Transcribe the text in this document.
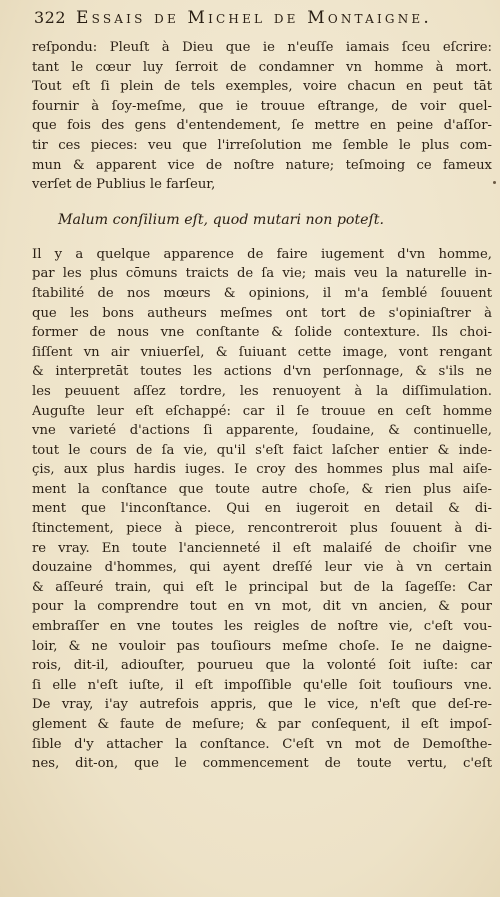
322 Essais de Michel de Montaigne.
reſpondu: Pleuſt à Dieu que ie n'euſſe iamais ſceu eſcrire:
tant le cœur luy ſerroit de condamner vn homme à mort.
Tout eſt ſi plein de tels exemples, voire chacun en peut tāt
fournir à ſoy-meſme, que ie trouue eſtrange, de voir quel-
que fois des gens d'entendement, ſe mettre en peine d'aſſor-
tir ces pieces: veu que l'irreſolution me ſemble le plus com-
mun & apparent vice de noſtre nature; teſmoing ce fameux
verſet de Publius le farſeur,
Malum conſilium eſt, quod mutari non poteſt.
Il y a quelque apparence de faire iugement d'vn homme,
par les plus cōmuns traicts de ſa vie; mais veu la naturelle in-
ſtabilité de nos mœurs & opinions, il m'a ſemblé ſouuent
que les bons autheurs meſmes ont tort de s'opiniaſtrer à
former de nous vne conſtante & ſolide contexture. Ils choi-
ſiſſent vn air vniuerſel, & ſuiuant cette image, vont rengant
& interpretāt toutes les actions d'vn perſonnage, & s'ils ne
les peuuent aſſez tordre, les renuoyent à la diſſimulation.
Auguſte leur eſt eſchappé: car il ſe trouue en ceſt homme
vne varieté d'actions ſi apparente, ſoudaine, & continuelle,
tout le cours de ſa vie, qu'il s'eſt faict laſcher entier & inde-
çis, aux plus hardis iuges. Ie croy des hommes plus mal aiſe-
ment la conſtance que toute autre choſe, & rien plus aiſe-
ment que l'inconſtance. Qui en iugeroit en detail & di-
ſtinctement, piece à piece, rencontreroit plus ſouuent à di-
re vray. En toute l'ancienneté il eſt malaiſé de choiſir vne
douzaine d'hommes, qui ayent dreſſé leur vie à vn certain
& aſſeuré train, qui eſt le principal but de la ſageſſe: Car
pour la comprendre tout en vn mot, dit vn ancien, & pour
embraſſer en vne toutes les reigles de noſtre vie, c'eſt vou-
loir, & ne vouloir pas touſiours meſme choſe. Ie ne daigne-
rois, dit-il, adiouſter, pourueu que la volonté ſoit iuſte: car
ſi elle n'eſt iuſte, il eſt impoſſible qu'elle ſoit touſiours vne.
De vray, i'ay autrefois appris, que le vice, n'eſt que deſ-re-
glement & faute de meſure; & par conſequent, il eſt impoſ-
ſible d'y attacher la conſtance. C'eſt vn mot de Demoſthe-
nes, dit-on, que le commencement de toute vertu, c'eſt
